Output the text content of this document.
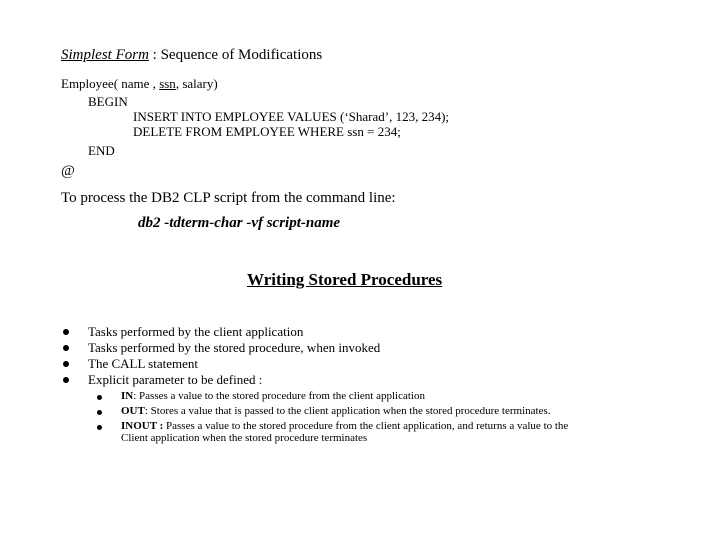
Simplest Form : Sequence of Modifications
Employee( name , ssn, salary)
BEGIN
INSERT INTO EMPLOYEE VALUES (‘Sharad’, 123, 234);
DELETE FROM EMPLOYEE WHERE ssn = 234;
END
@
To process the DB2 CLP script from the command line:
db2 -tdterm-char -vf script-name
Writing Stored Procedures
Tasks performed by the client application
Tasks performed by the stored procedure, when invoked
The CALL statement
Explicit parameter to be defined :
IN: Passes a value to the stored procedure from the client application
OUT: Stores a value that is passed to the client application when the stored procedure terminates.
INOUT : Passes a value to the stored procedure from the client application, and returns a value to the
Client application when the stored procedure terminates
